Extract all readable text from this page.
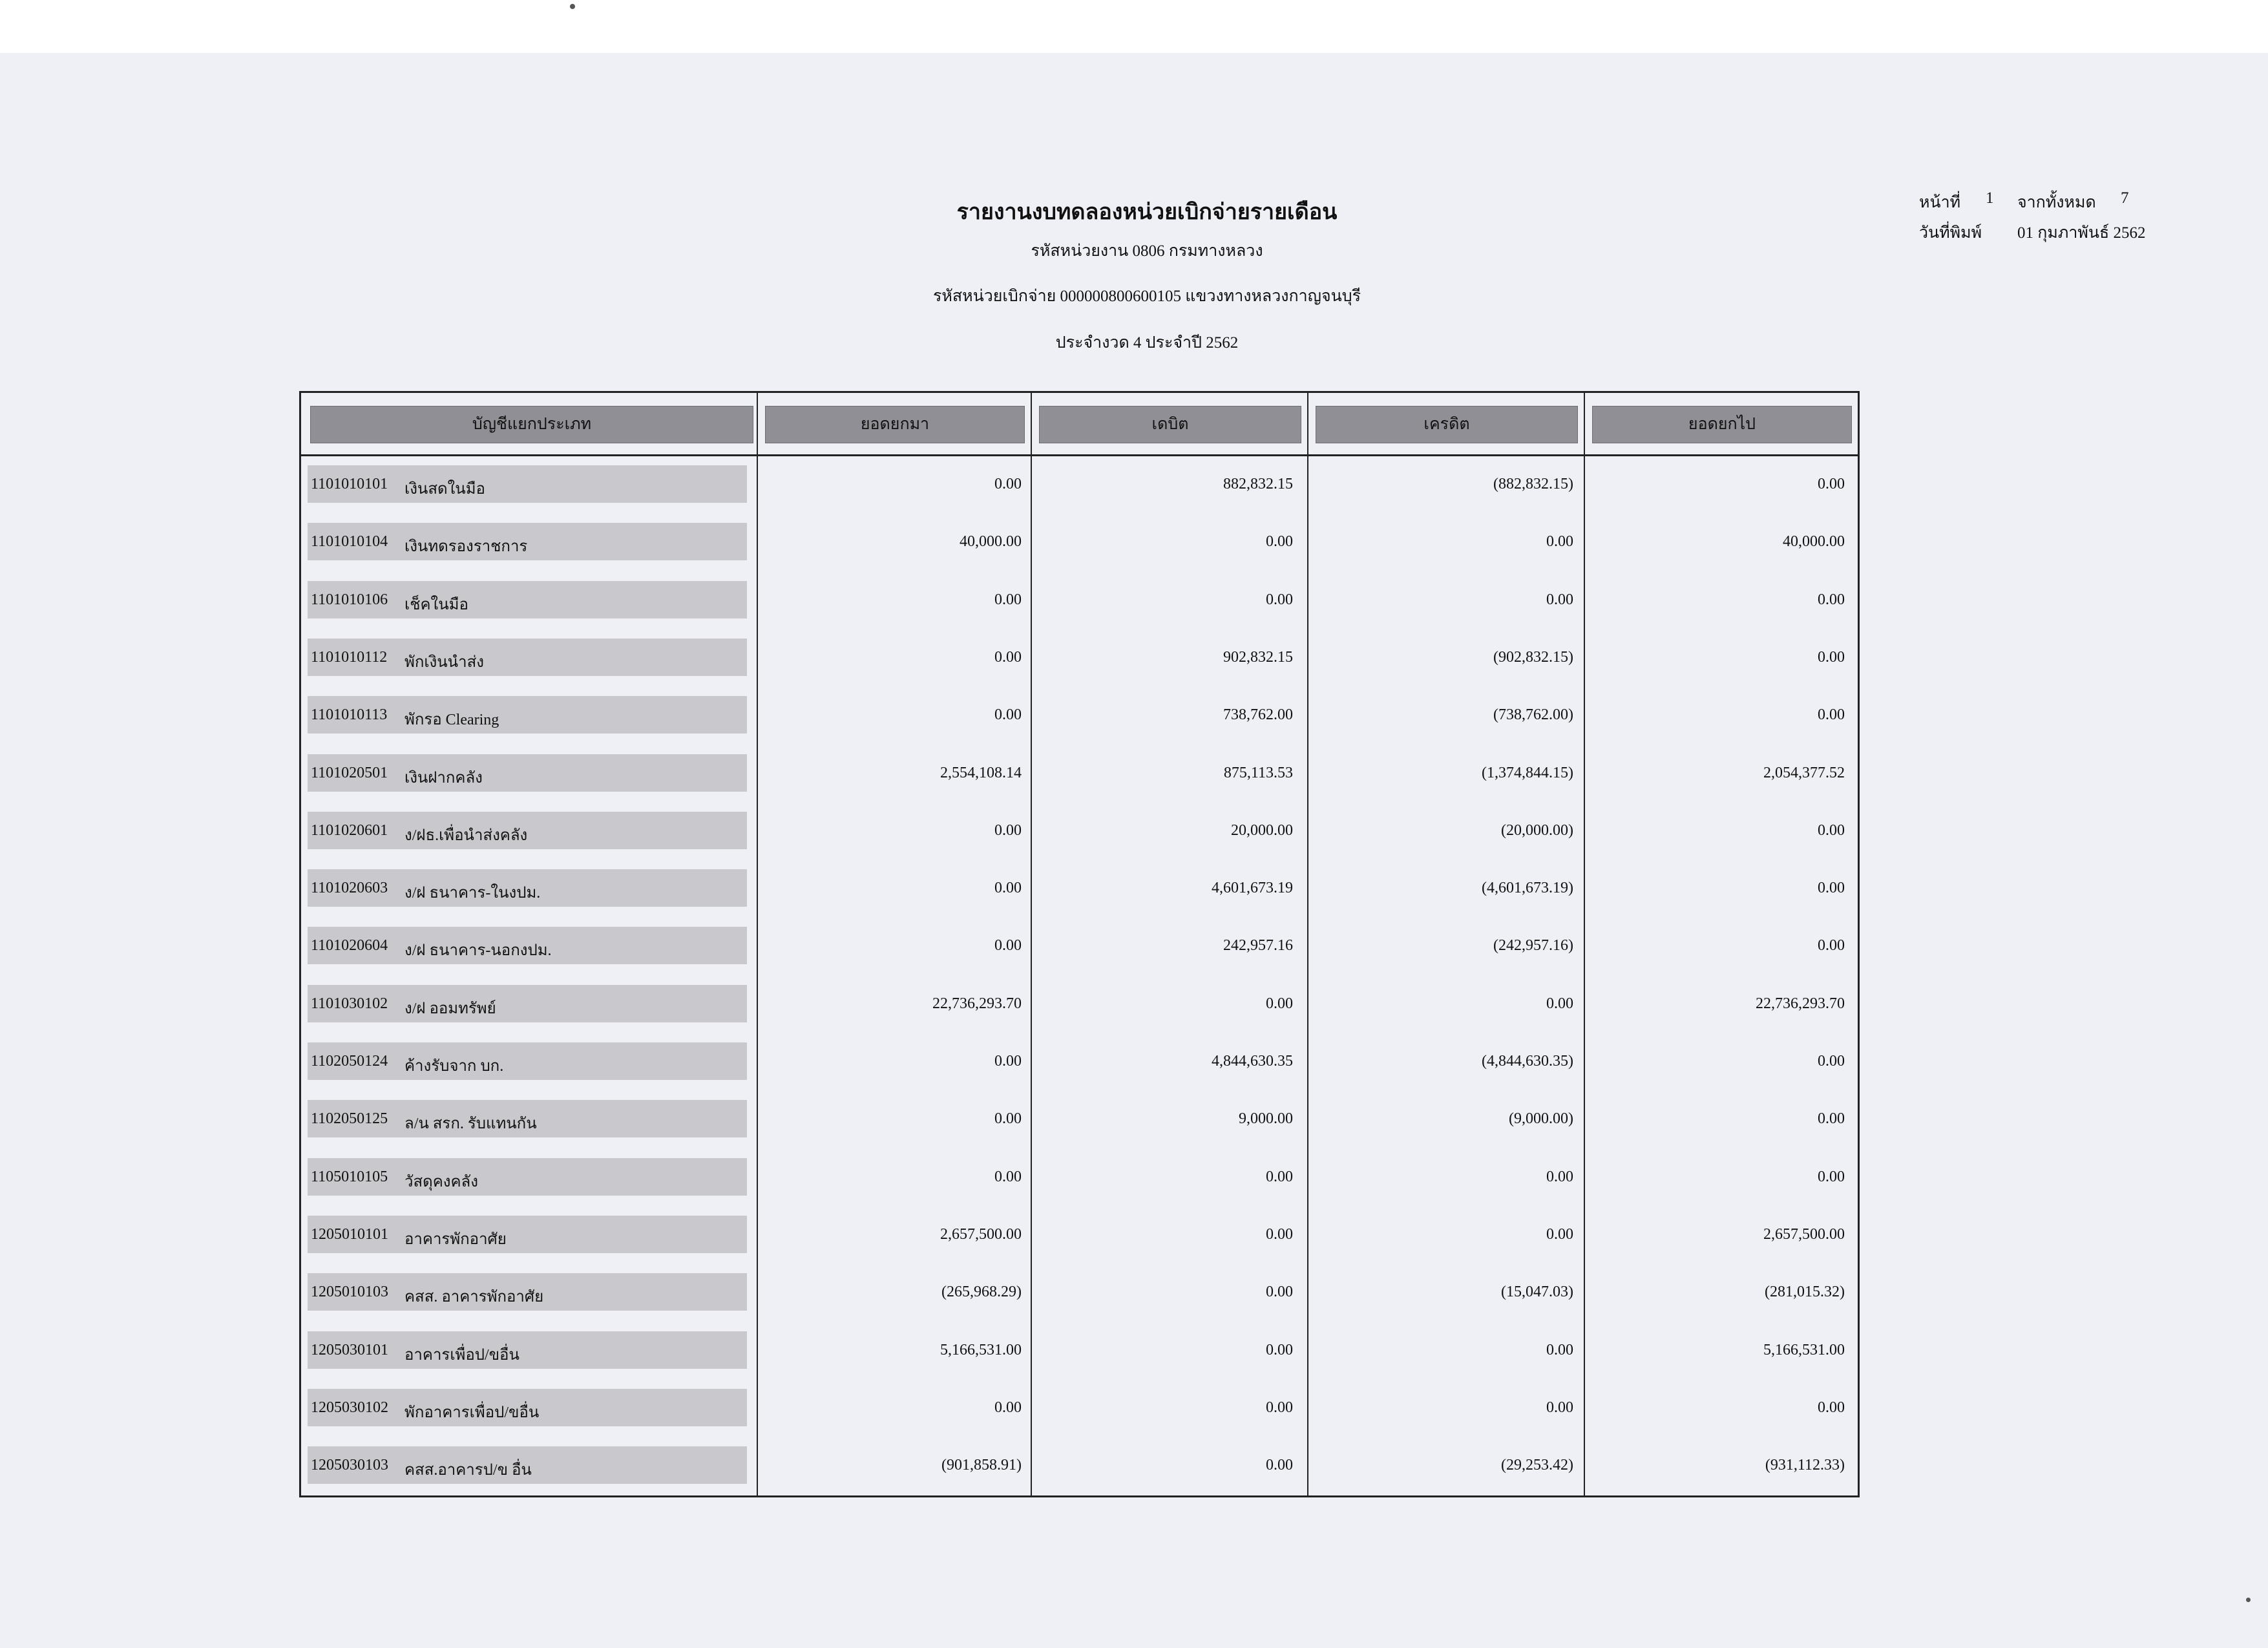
รายงานงบทดลองหน่วยเบิกจ่ายรายเดือน
รหัสหน่วยงาน 0806 กรมทางหลวง
รหัสหน่วยเบิกจ่าย 000000800600105 แขวงทางหลวงกาญจนบุรี
ประจำงวด 4 ประจำปี 2562
หน้าที่ 1 จากทั้งหมด 7
วันที่พิมพ์ 01 กุมภาพันธ์ 2562
บัญชีแยกประเภท	ยอดยกมา	เดบิต	เครดิต	ยอดยกไป
1101010101 เงินสดในมือ	0.00	882,832.15	(882,832.15)	0.00
1101010104 เงินทดรองราชการ	40,000.00	0.00	0.00	40,000.00
1101010106 เช็คในมือ	0.00	0.00	0.00	0.00
1101010112 พักเงินนำส่ง	0.00	902,832.15	(902,832.15)	0.00
1101010113 พักรอ Clearing	0.00	738,762.00	(738,762.00)	0.00
1101020501 เงินฝากคลัง	2,554,108.14	875,113.53	(1,374,844.15)	2,054,377.52
1101020601 ง/ฝธ.เพื่อนำส่งคลัง	0.00	20,000.00	(20,000.00)	0.00
1101020603 ง/ฝ ธนาคาร-ในงปม.	0.00	4,601,673.19	(4,601,673.19)	0.00
1101020604 ง/ฝ ธนาคาร-นอกงปม.	0.00	242,957.16	(242,957.16)	0.00
1101030102 ง/ฝ ออมทรัพย์	22,736,293.70	0.00	0.00	22,736,293.70
1102050124 ค้างรับจาก บก.	0.00	4,844,630.35	(4,844,630.35)	0.00
1102050125 ล/น สรก. รับแทนกัน	0.00	9,000.00	(9,000.00)	0.00
1105010105 วัสดุคงคลัง	0.00	0.00	0.00	0.00
1205010101 อาคารพักอาศัย	2,657,500.00	0.00	0.00	2,657,500.00
1205010103 คสส. อาคารพักอาศัย	(265,968.29)	0.00	(15,047.03)	(281,015.32)
1205030101 อาคารเพื่อป/ขอื่น	5,166,531.00	0.00	0.00	5,166,531.00
1205030102 พักอาคารเพื่อป/ขอื่น	0.00	0.00	0.00	0.00
1205030103 คสส.อาคารป/ข อื่น	(901,858.91)	0.00	(29,253.42)	(931,112.33)
